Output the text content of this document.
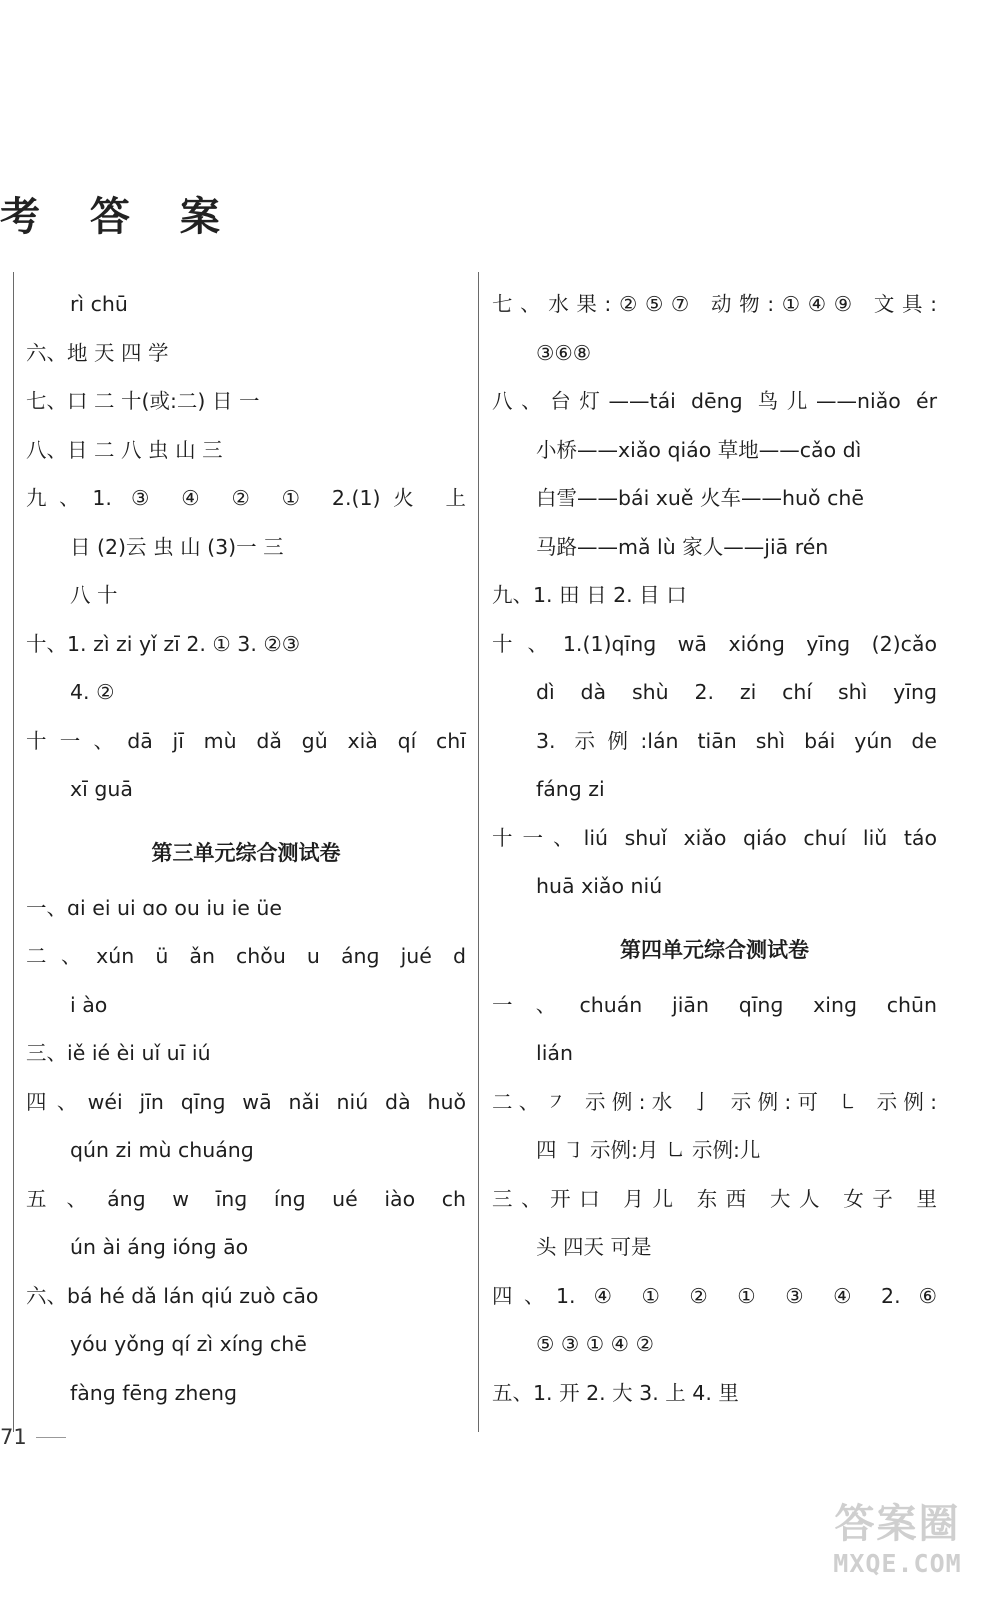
考 答 案
rì chū
六、地 天 四 学
七、口 二 十(或:二) 日 一
八、日 二 八 虫 山 三
九、1. ③ ④ ② ① 2.(1)火 上
日 (2)云 虫 山 (3)一 三
八 十
十、1. zì zi yǐ zī 2. ① 3. ②③
4. ②
十一、dā jī mù dǎ gǔ xià qí chī
xī guā
第三单元综合测试卷
一、ɑi ei ui ɑo ou iu ie üe
二、xún ü ǎn chǒu u ánɡ jué d
i ào
三、iě ié èi uǐ uī iú
四、wéi jīn qīnɡ wā nǎi niú dà huǒ
qún zi mù chuánɡ
五、ánɡ w īnɡ ínɡ ué iào ch
ún ài ánɡ iónɡ āo
六、bá hé dǎ lán qiú zuò cāo
yóu yǒnɡ qí zì xínɡ chē
fànɡ fēnɡ zhenɡ
七、水果:②⑤⑦ 动物:①④⑨ 文具:
③⑥⑧
八、台灯——tái dēnɡ 鸟儿——niǎo ér
小桥——xiǎo qiáo 草地——cǎo dì
白雪——bái xuě 火车——huǒ chē
马路——mǎ lù 家人——jiā rén
九、1. 田 日 2. 目 口
十、1.(1)qīnɡ wā xiónɡ yīnɡ (2)cǎo
dì dà shù 2. zi chí shì yīnɡ
3. 示例:lán tiān shì bái yún de
fánɡ zi
十一、liú shuǐ xiǎo qiáo chuí liǔ táo
huā xiǎo niú
第四单元综合测试卷
一、chuán jiān qīnɡ xinɡ chūn
lián
二、㇇ 示例:水 亅 示例:可 ㇄ 示例:
四 ㇆ 示例:月 ㇟ 示例:儿
三、开口 月儿 东西 大人 女子 里
头 四天 可是
四、1. ④ ① ② ① ③ ④ 2. ⑥
⑤ ③ ① ④ ②
五、1. 开 2. 大 3. 上 4. 里
71
答案圈
MXQE.COM
